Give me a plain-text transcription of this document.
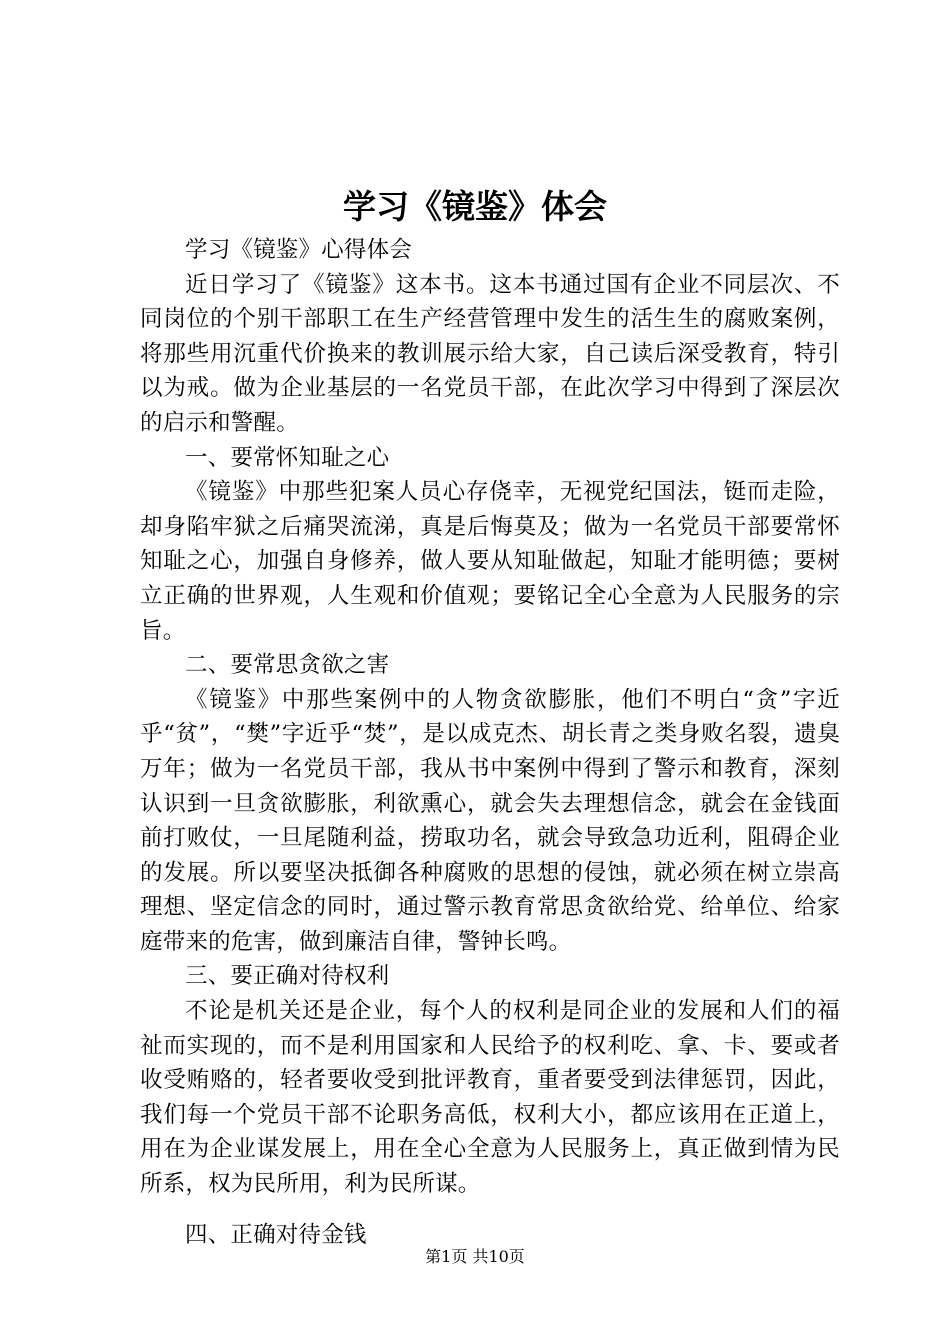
学习《镜鉴》体会

学习《镜鉴》心得体会

近日学习了《镜鉴》这本书。这本书通过国有企业不同层次、不同岗位的个别干部职工在生产经营管理中发生的活生生的腐败案例，将那些用沉重代价换来的教训展示给大家，自己读后深受教育，特引以为戒。做为企业基层的一名党员干部，在此次学习中得到了深层次的启示和警醒。

一、要常怀知耻之心

《镜鉴》中那些犯案人员心存侥幸，无视党纪国法，铤而走险，却身陷牢狱之后痛哭流涕，真是后悔莫及；做为一名党员干部要常怀知耻之心，加强自身修养，做人要从知耻做起，知耻才能明德；要树立正确的世界观，人生观和价值观；要铭记全心全意为人民服务的宗旨。

二、要常思贪欲之害

《镜鉴》中那些案例中的人物贪欲膨胀，他们不明白“贪”字近乎“贫”，“樊”字近乎“焚”，是以成克杰、胡长青之类身败名裂，遗臭万年；做为一名党员干部，我从书中案例中得到了警示和教育，深刻认识到一旦贪欲膨胀，利欲熏心，就会失去理想信念，就会在金钱面前打败仗，一旦尾随利益，捞取功名，就会导致急功近利，阻碍企业的发展。所以要坚决抵御各种腐败的思想的侵蚀，就必须在树立崇高理想、坚定信念的同时，通过警示教育常思贪欲给党、给单位、给家庭带来的危害，做到廉洁自律，警钟长鸣。

三、要正确对待权利

不论是机关还是企业，每个人的权利是同企业的发展和人们的福祉而实现的，而不是利用国家和人民给予的权利吃、拿、卡、要或者收受贿赂的，轻者要收受到批评教育，重者要受到法律惩罚，因此，我们每一个党员干部不论职务高低，权利大小，都应该用在正道上，用在为企业谋发展上，用在全心全意为人民服务上，真正做到情为民所系，权为民所用，利为民所谋。

四、正确对待金钱

第1页 共10页
